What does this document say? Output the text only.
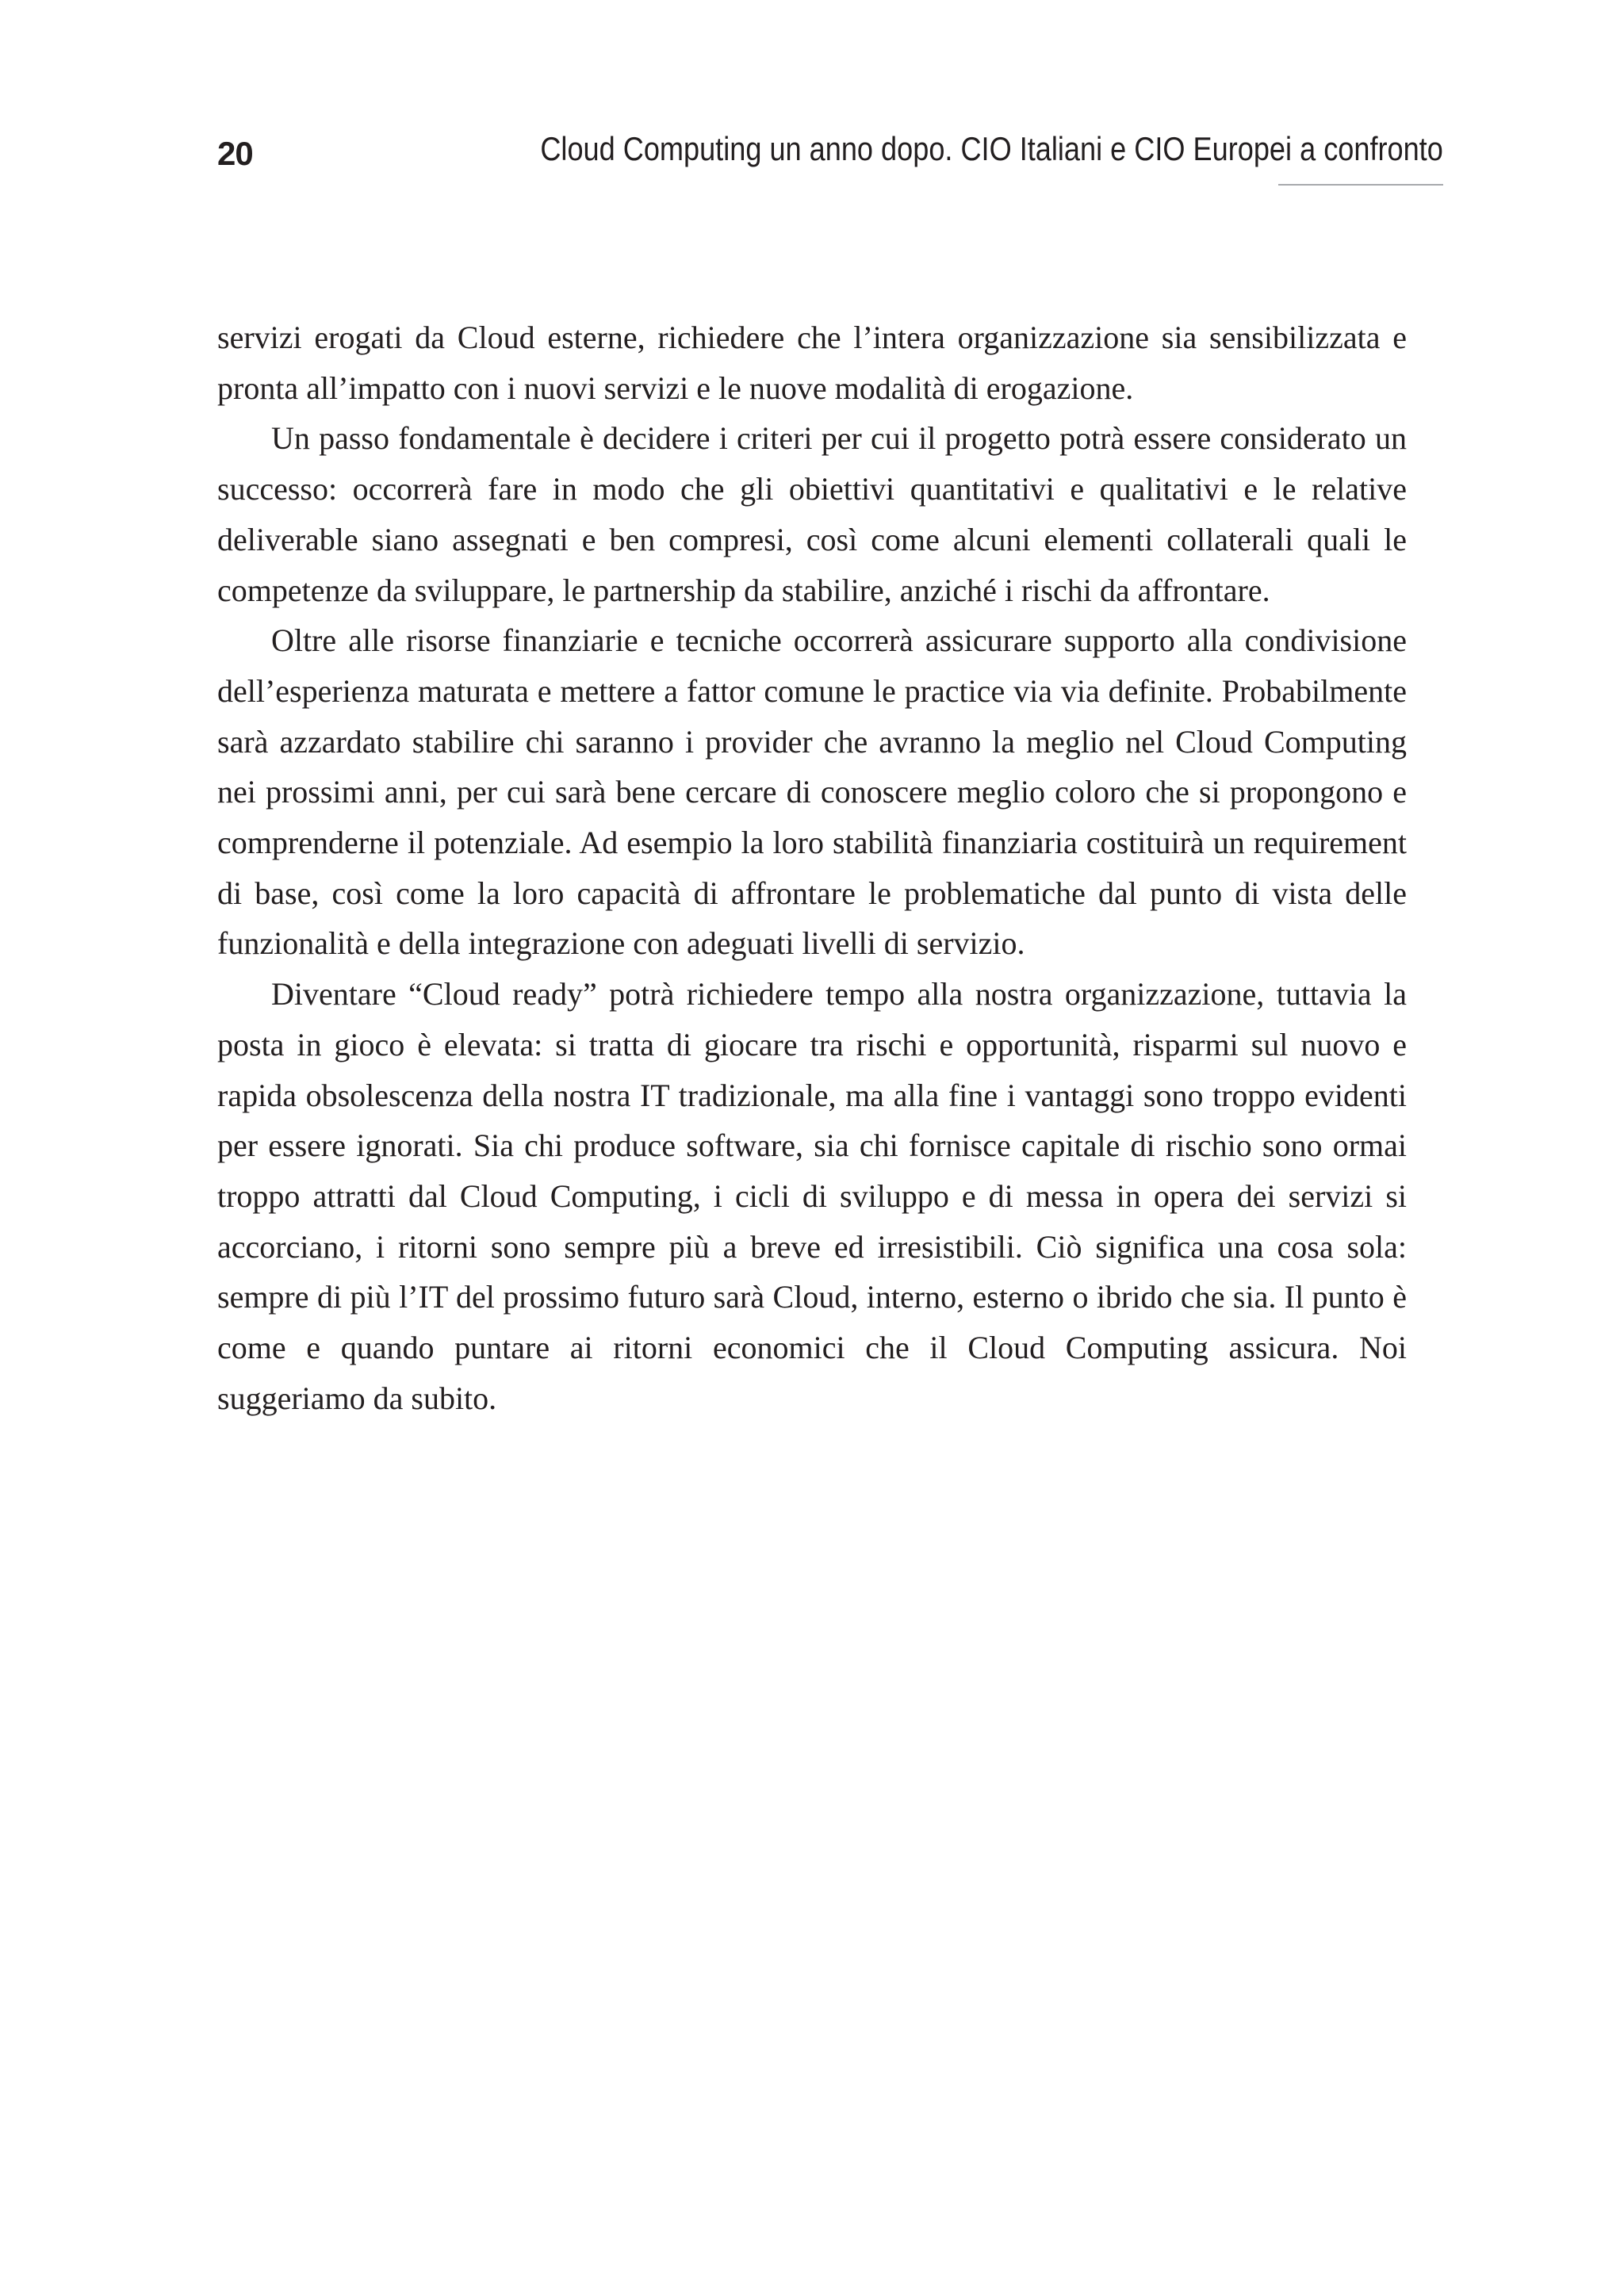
20	Cloud Computing un anno dopo. CIO Italiani e CIO Europei a confronto

servizi erogati da Cloud esterne, richiedere che l’intera organizzazione sia sensibilizzata e pronta all’impatto con i nuovi servizi e le nuove modalità di erogazione.

Un passo fondamentale è decidere i criteri per cui il progetto potrà essere considerato un successo: occorrerà fare in modo che gli obiettivi quantitativi e qualitativi e le relative deliverable siano assegnati e ben compresi, così come alcuni elementi collaterali quali le competenze da sviluppare, le partnership da stabilire, anziché i rischi da affrontare.

Oltre alle risorse finanziarie e tecniche occorrerà assicurare supporto alla condivisione dell’esperienza maturata e mettere a fattor comune le practice via via definite. Probabilmente sarà azzardato stabilire chi saranno i provider che avranno la meglio nel Cloud Computing nei prossimi anni, per cui sarà bene cercare di conoscere meglio coloro che si propongono e comprenderne il potenziale. Ad esempio la loro stabilità finanziaria costituirà un requirement di base, così come la loro capacità di affrontare le problematiche dal punto di vista delle funzionalità e della integrazione con adeguati livelli di servizio.

Diventare “Cloud ready” potrà richiedere tempo alla nostra organizzazione, tuttavia la posta in gioco è elevata: si tratta di giocare tra rischi e opportunità, risparmi sul nuovo e rapida obsolescenza della nostra IT tradizionale, ma alla fine i vantaggi sono troppo evidenti per essere ignorati. Sia chi produce software, sia chi fornisce capitale di rischio sono ormai troppo attratti dal Cloud Computing, i cicli di sviluppo e di messa in opera dei servizi si accorciano, i ritorni sono sempre più a breve ed irresistibili. Ciò significa una cosa sola: sempre di più l’IT del prossimo futuro sarà Cloud, interno, esterno o ibrido che sia. Il punto è come e quando puntare ai ritorni economici che il Cloud Computing assicura. Noi suggeriamo da subito.
